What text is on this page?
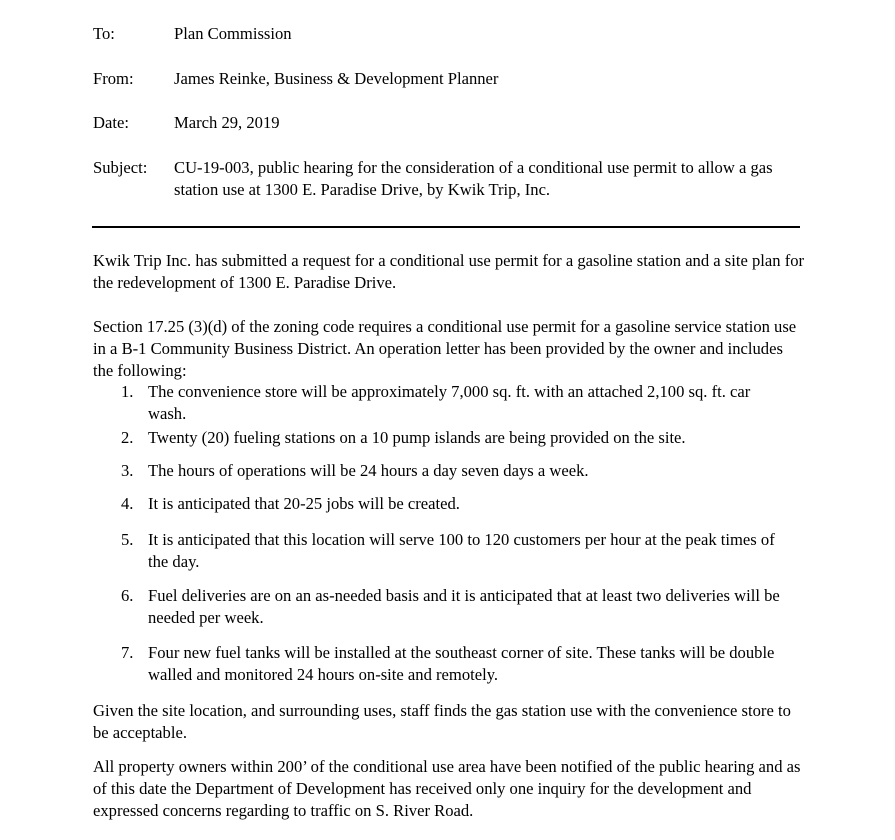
To:	Plan Commission
From: James Reinke, Business & Development Planner
Date:	March 29, 2019
Subject: CU-19-003, public hearing for the consideration of a conditional use permit to allow a gas station use at 1300 E. Paradise Drive, by Kwik Trip, Inc.
Kwik Trip Inc. has submitted a request for a conditional use permit for a gasoline station and a site plan for the redevelopment of 1300 E. Paradise Drive.
Section 17.25 (3)(d) of the zoning code requires a conditional use permit for a gasoline service station use in a B-1 Community Business District. An operation letter has been provided by the owner and includes the following:
1. The convenience store will be approximately 7,000 sq. ft. with an attached 2,100 sq. ft. car wash.
2. Twenty (20) fueling stations on a 10 pump islands are being provided on the site.
3. The hours of operations will be 24 hours a day seven days a week.
4. It is anticipated that 20-25 jobs will be created.
5. It is anticipated that this location will serve 100 to 120 customers per hour at the peak times of the day.
6. Fuel deliveries are on an as-needed basis and it is anticipated that at least two deliveries will be needed per week.
7. Four new fuel tanks will be installed at the southeast corner of site. These tanks will be double walled and monitored 24 hours on-site and remotely.
Given the site location, and surrounding uses, staff finds the gas station use with the convenience store to be acceptable.
All property owners within 200’ of the conditional use area have been notified of the public hearing and as of this date the Department of Development has received only one inquiry for the development and expressed concerns regarding to traffic on S. River Road.
